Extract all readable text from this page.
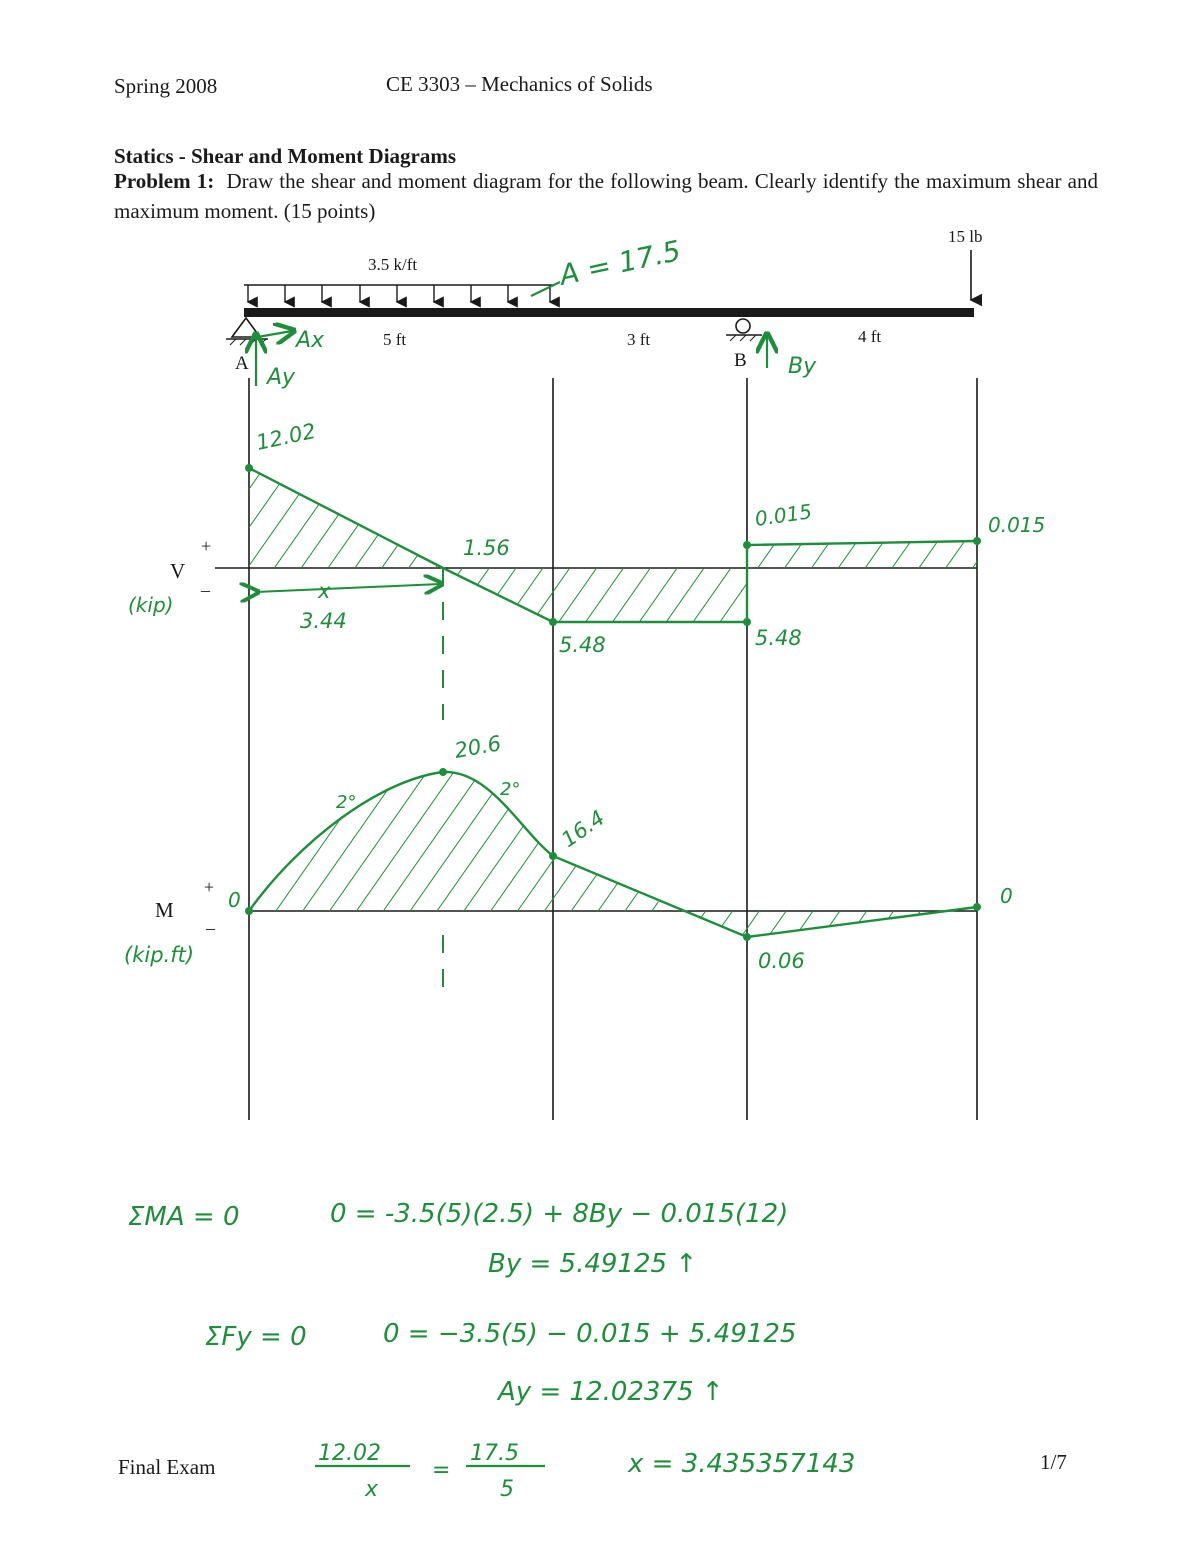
Spring 2008	CE 3303 – Mechanics of Solids
Statics - Shear and Moment Diagrams

Problem 1: Draw the shear and moment diagram for the following beam. Clearly identify the maximum shear and maximum moment. (15 points)

3.5 k/ft
15 lb
A	B
5 ft	3 ft	4 ft
Ax
Ay	By
A = 17.5
V
+
–
(kip)
12.02
x
3.44
1.56
5.48	5.48
0.015	0.015
M
+
–
(kip.ft)
0
20.6
2°
2°
16.4
0.06
0
ΣMA = 0	0 = -3.5(5)(2.5) + 8By − 0.015(12)
By = 5.49125 ↑
ΣFy = 0	0 = −3.5(5) − 0.015 + 5.49125
Ay = 12.02375 ↑
12.02
x
=
17.5
5
x = 3.435357143
Final Exam	1/7
